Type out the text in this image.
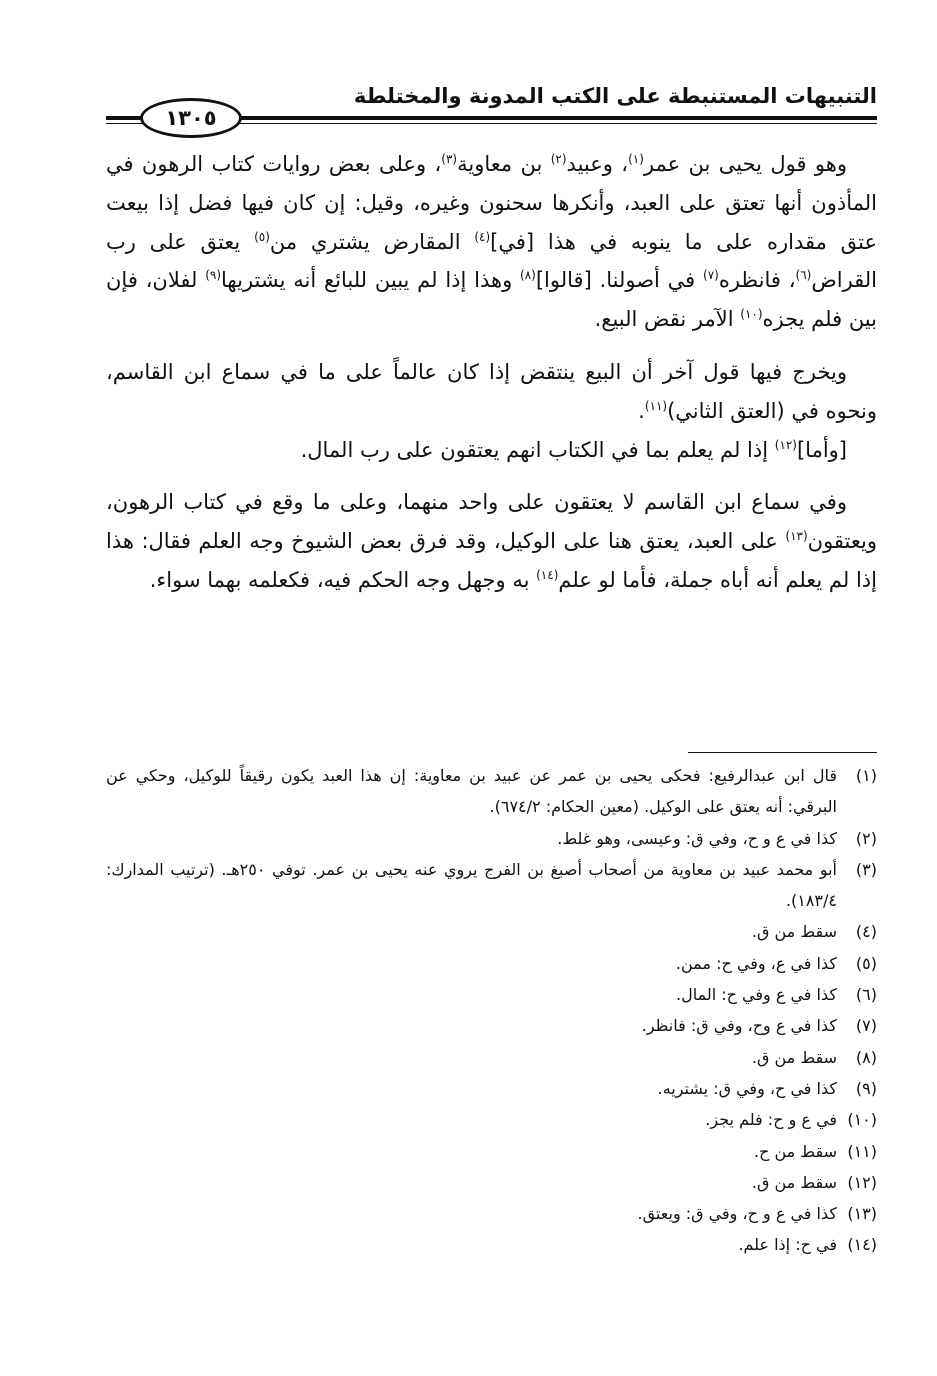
التنبيهات المستنبطة على الكتب المدونة والمختلطة
١٣٠٥

وهو قول يحيى بن عمر$^{(١)}$، وعبيد$^{(٢)}$ بن معاوية$^{(٣)}$، وعلى بعض روايات كتاب الرهون في المأذون أنها تعتق على العبد، وأنكرها سحنون وغيره، وقيل: إن كان فيها فضل إذا بيعت عتق مقداره على ما ينوبه في هذا [في]$^{(٤)}$ المقارض يشتري من$^{(٥)}$ يعتق على رب القراض$^{(٦)}$، فانظره$^{(٧)}$ في أصولنا. [قالوا]$^{(٨)}$ وهذا إذا لم يبين للبائع أنه يشتريها$^{(٩)}$ لفلان، فإن بين فلم يجزه$^{(١٠)}$ الآمر نقض البيع.

ويخرج فيها قول آخر أن البيع ينتقض إذا كان عالماً على ما في سماع ابن القاسم، ونحوه في (العتق الثاني)$^{(١١)}$.

[وأما]$^{(١٢)}$ إذا لم يعلم بما في الكتاب انهم يعتقون على رب المال.

وفي سماع ابن القاسم لا يعتقون على واحد منهما، وعلى ما وقع في كتاب الرهون، ويعتقون$^{(١٣)}$ على العبد، يعتق هنا على الوكيل، وقد فرق بعض الشيوخ وجه العلم فقال: هذا إذا لم يعلم أنه أباه جملة، فأما لو علم$^{(١٤)}$ به وجهل وجه الحكم فيه، فكعلمه بهما سواء.

(١)
قال ابن عبدالرفيع: فحكى يحيى بن عمر عن عبيد بن معاوية: إن هذا العبد يكون رقيقاً للوكيل، وحكي عن البرقي: أنه يعتق على الوكيل. (معين الحكام: ٦٧٤/٢).
(٢)
كذا في ع و ح، وفي ق: وعيسى، وهو غلط.
(٣)
أبو محمد عبيد بن معاوية من أصحاب أصبغ بن الفرج يروي عنه يحيى بن عمر. توفي ٢٥٠هـ. (ترتيب المدارك: ١٨٣/٤).
(٤)
سقط من ق.
(٥)
كذا في ع، وفي ح: ممن.
(٦)
كذا في ع وفي ح: المال.
(٧)
كذا في ع وح، وفي ق: فانظر.
(٨)
سقط من ق.
(٩)
كذا في ح، وفي ق: يشتريه.
(١٠)
في ع و ح: فلم يجز.
(١١)
سقط من ح.
(١٢)
سقط من ق.
(١٣)
كذا في ع و ح، وفي ق: ويعتق.
(١٤)
في ح: إذا علم.
